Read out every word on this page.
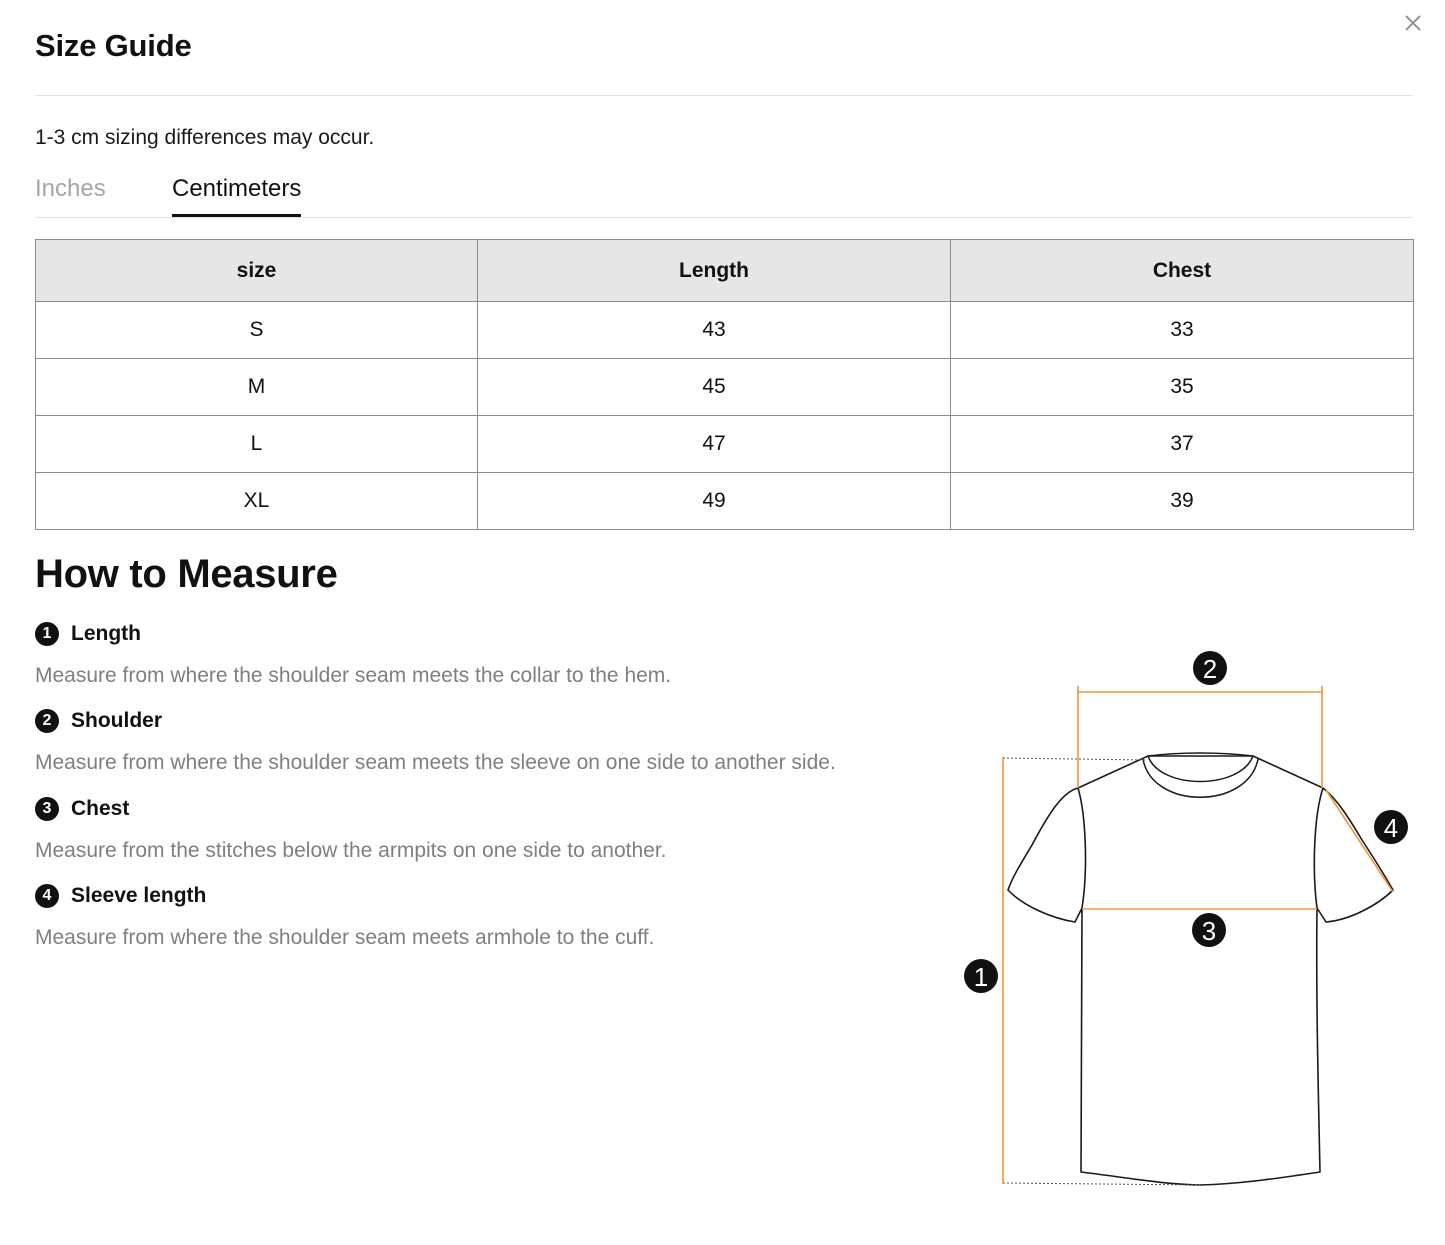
Size Guide
1-3 cm sizing differences may occur.
Inches	Centimeters
size	Length	Chest
S	43	33
M	45	35
L	47	37
XL	49	39
How to Measure
1 Length
Measure from where the shoulder seam meets the collar to the hem.
2 Shoulder
Measure from where the shoulder seam meets the sleeve on one side to another side.
3 Chest
Measure from the stitches below the armpits on one side to another.
4 Sleeve length
Measure from where the shoulder seam meets armhole to the cuff.
1
2
3
4
